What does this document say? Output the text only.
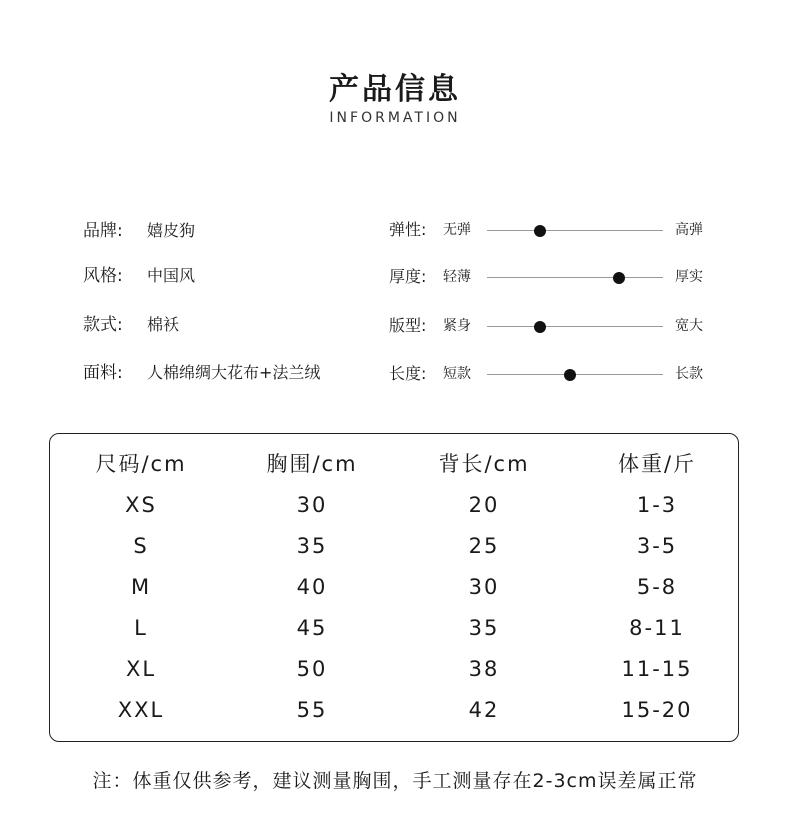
产品信息
INFORMATION
品牌: 嬉皮狗
风格: 中国风
款式: 棉袄
面料: 人棉绵绸大花布+法兰绒
弹性: 无弹	高弹
厚度: 轻薄	厚实
版型: 紧身	宽大
长度: 短款	长款
尺码/cm	胸围/cm	背长/cm	体重/斤
XS	30	20	1-3
S	35	25	3-5
M	40	30	5-8
L	45	35	8-11
XL	50	38	11-15
XXL	55	42	15-20
注：体重仅供参考，建议测量胸围，手工测量存在2-3cm误差属正常
